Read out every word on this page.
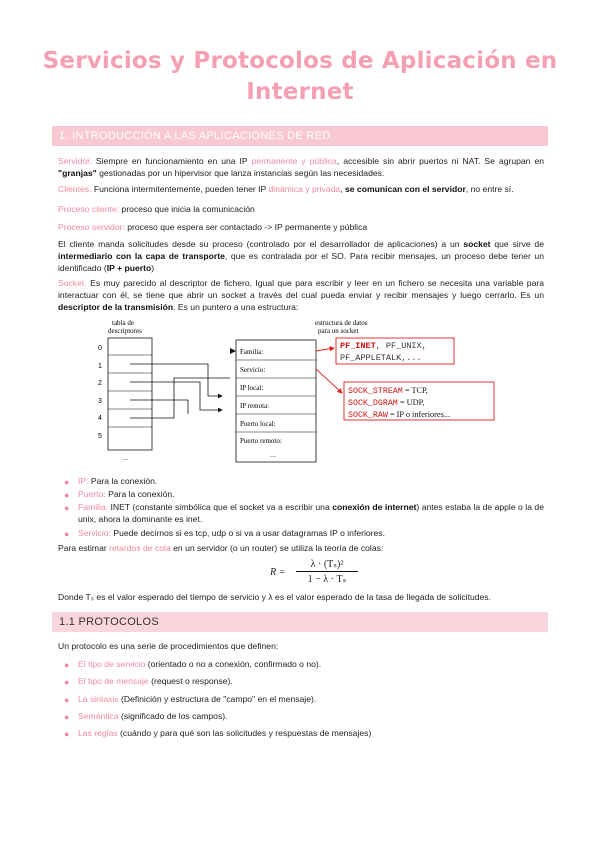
Servicios y Protocolos de Aplicación en
Internet
1. INTRODUCCIÓN A LAS APLICACIONES DE RED
Servidor. Siempre en funcionamiento en una IP permanente y pública, accesible sin abrir puertos ni NAT. Se agrupan en "granjas" gestionadas por un hipervisor que lanza instancias según las necesidades.
Clientes. Funciona intermitentemente, pueden tener IP dinámica y privada, se comunican con el servidor, no entre sí.
Proceso cliente: proceso que inicia la comunicación
Proceso servidor: proceso que espera ser contactado -> IP permanente y pública
El cliente manda solicitudes desde su proceso (controlado por el desarrollador de aplicaciones) a un socket que sirve de intermediario con la capa de transporte, que es contralada por el SO. Para recibir mensajes, un proceso debe tener un identificado (IP + puerto)
Socket. Es muy parecido al descriptor de fichero, Igual que para escribir y leer en un fichero se necesita una variable para interactuar con él, se tiene que abrir un socket a través del cual pueda enviar y recibir mensajes y luego cerrarlo. Es un descriptor de la transmisión. Es un puntero a una estructura:
tabla de
descriptores
0
1
2
3
4
5
...
estructura de datos
para un socket
Familia:
Servicio:
IP local:
IP remota:
Puerto local:
Puerto remoto:
...
PF_INET, PF_UNIX,
PF_APPLETALK,...
SOCK_STREAM = TCP,
SOCK_DGRAM = UDP,
SOCK_RAW = IP o inferiores...
● IP: Para la conexión.
● Puerto: Para la conexión.
● Familia: INET (constante simbólica que el socket va a escribir una conexión de internet) antes estaba la de apple o la de unix, ahora la dominante es inet.
● Servicio: Puede decirnos si es tcp, udp o si va a usar datagramas IP o inferiores.
Para estimar retardos de cola en un servidor (o un router) se utiliza la teoría de colas:
R =
λ · (Tₛ)²
1 − λ · Tₛ
Donde Tₛ es el valor esperado del tiempo de servicio y λ es el valor esperado de la tasa de llegada de solicitudes.
1.1 PROTOCOLOS
Un protocolo es una serie de procedimientos que definen:
● El tipo de servicio (orientado o no a conexión, confirmado o no).
● El tipo de mensaje (request o response).
● La sintaxis (Definición y estructura de "campo" en el mensaje).
● Semántica (significado de los campos).
● Las reglas (cuándo y para qué son las solicitudes y respuestas de mensajes)
